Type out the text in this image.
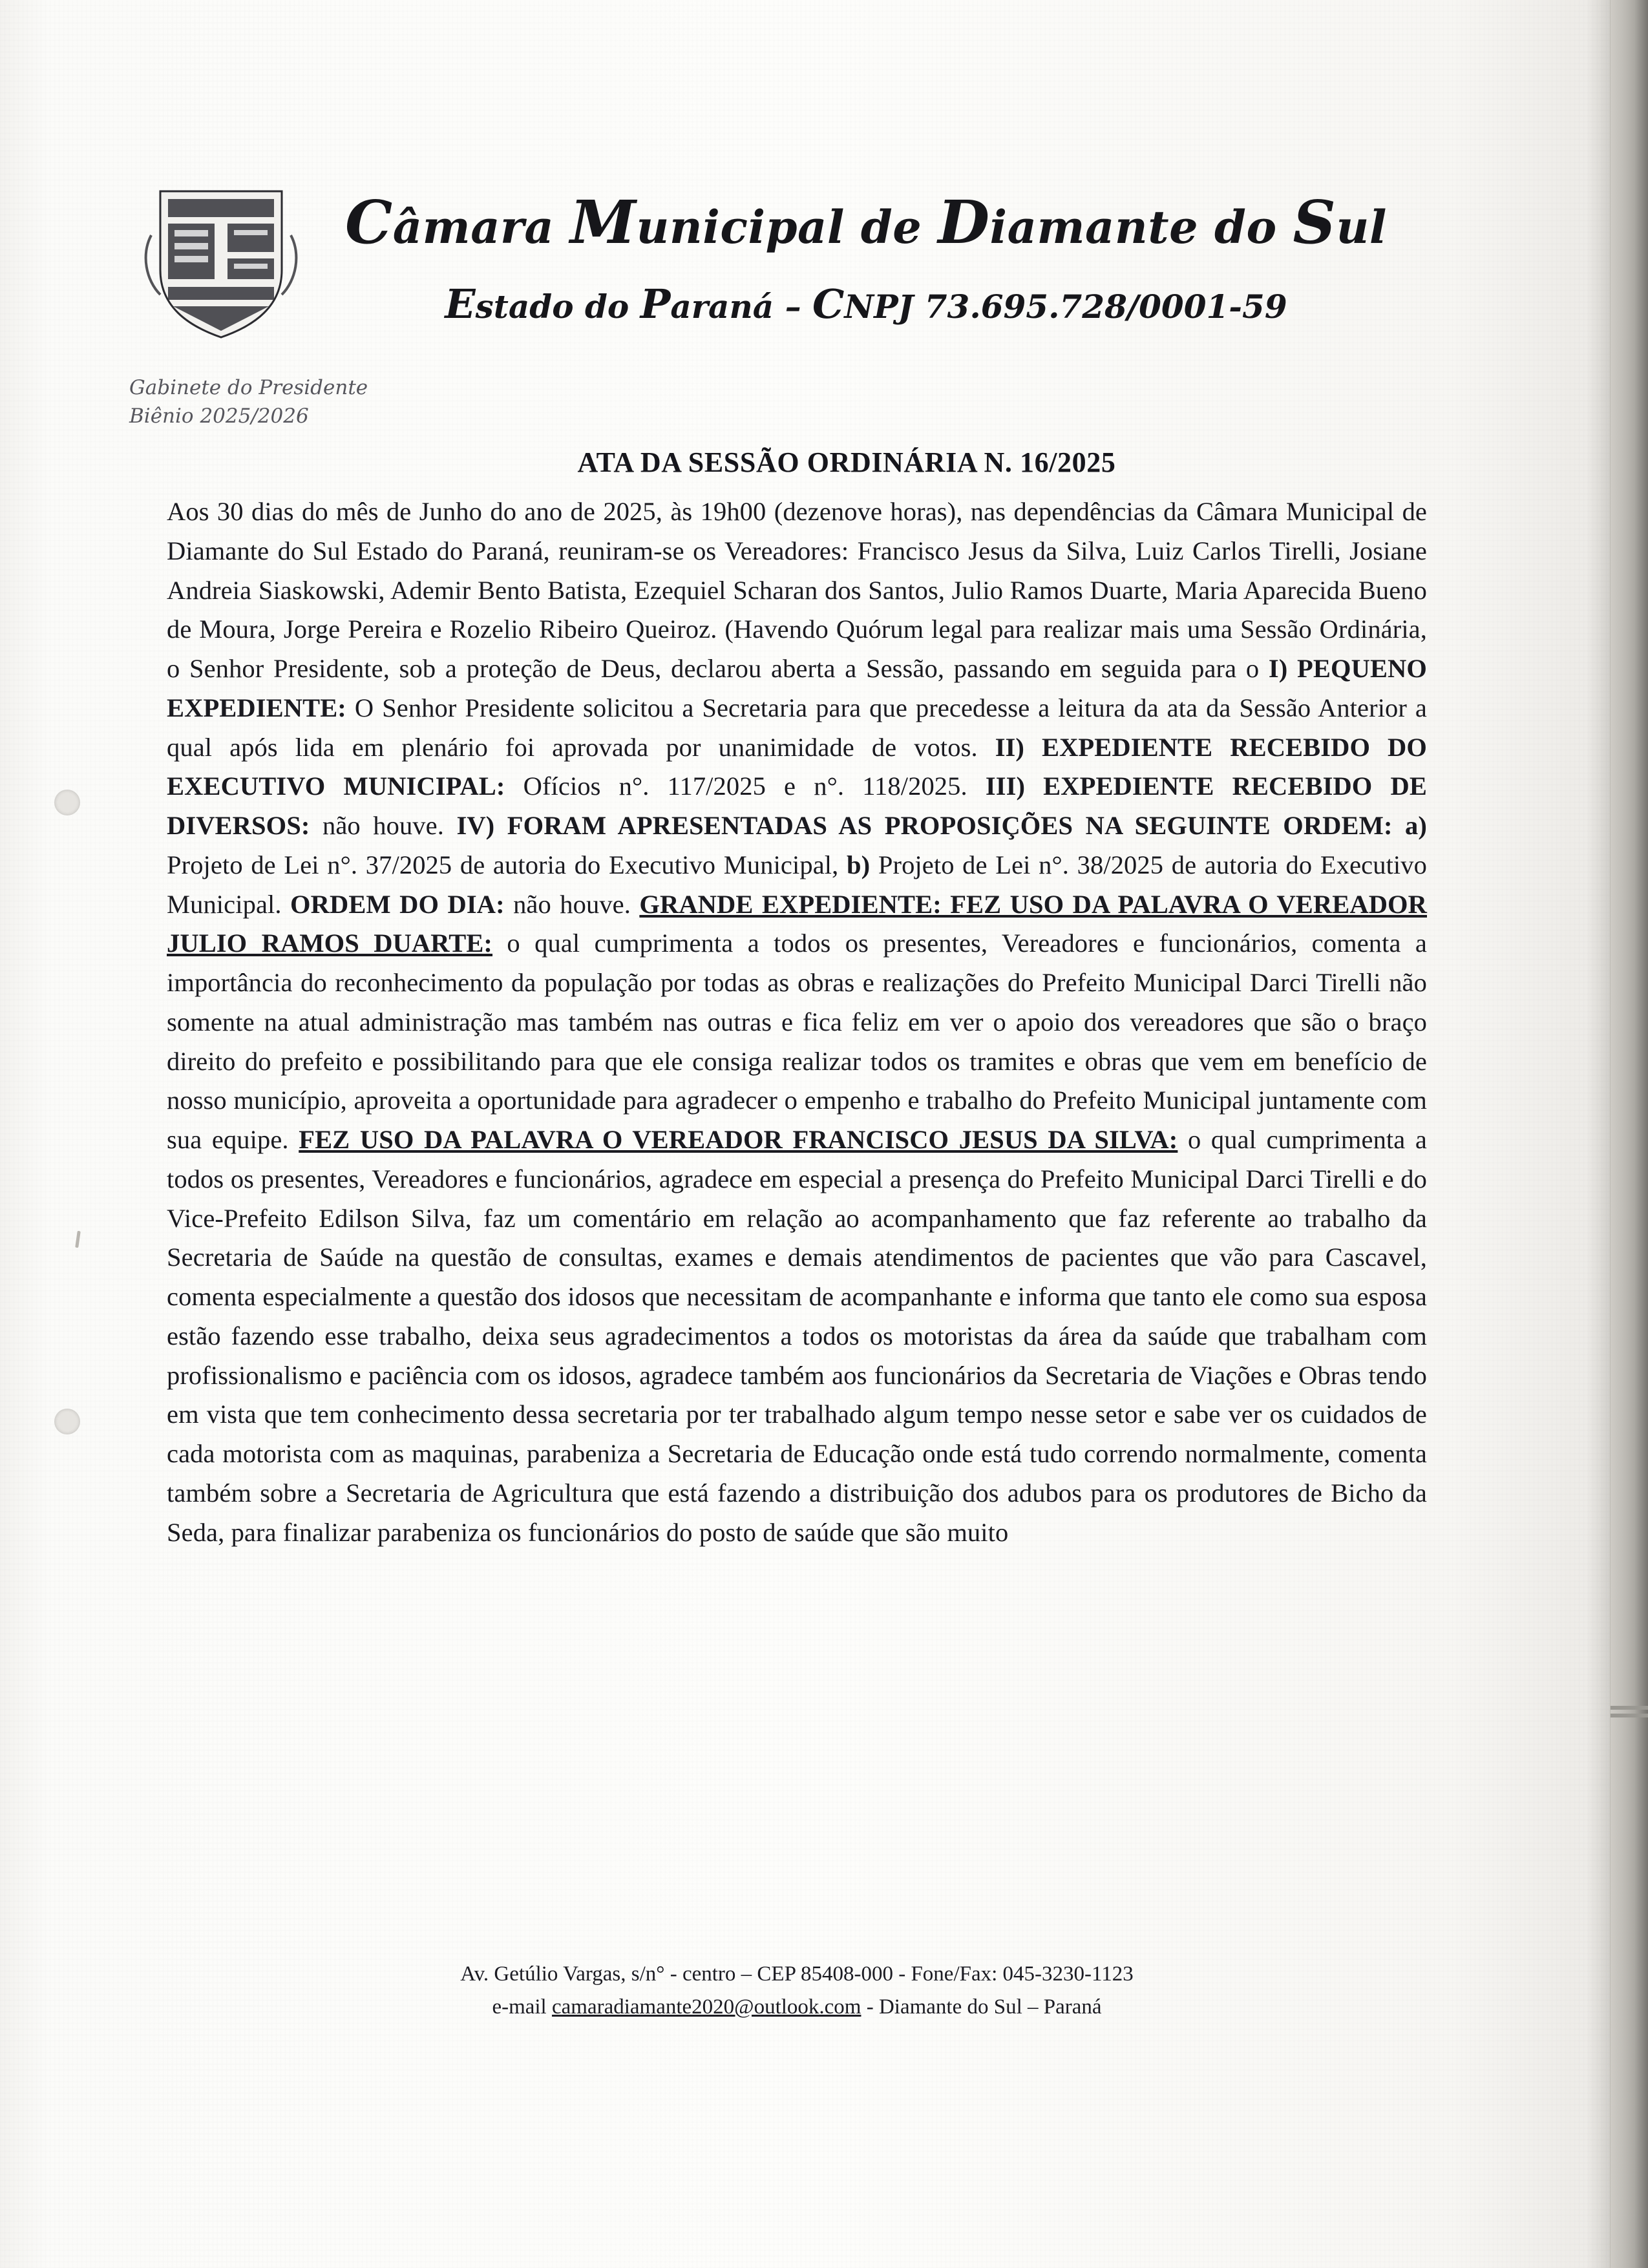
Câmara Municipal de Diamante do Sul
Estado do Paraná – CNPJ 73.695.728/0001-59
Gabinete do Presidente
Biênio 2025/2026
ATA DA SESSÃO ORDINÁRIA N. 16/2025
Aos 30 dias do mês de Junho do ano de 2025, às 19h00 (dezenove horas), nas dependências da Câmara Municipal de Diamante do Sul Estado do Paraná, reuniram-se os Vereadores: Francisco Jesus da Silva, Luiz Carlos Tirelli, Josiane Andreia Siaskowski, Ademir Bento Batista, Ezequiel Scharan dos Santos, Julio Ramos Duarte, Maria Aparecida Bueno de Moura, Jorge Pereira e Rozelio Ribeiro Queiroz. (Havendo Quórum legal para realizar mais uma Sessão Ordinária, o Senhor Presidente, sob a proteção de Deus, declarou aberta a Sessão, passando em seguida para o I) PEQUENO EXPEDIENTE: O Senhor Presidente solicitou a Secretaria para que precedesse a leitura da ata da Sessão Anterior a qual após lida em plenário foi aprovada por unanimidade de votos. II) EXPEDIENTE RECEBIDO DO EXECUTIVO MUNICIPAL: Ofícios n°. 117/2025 e n°. 118/2025. III) EXPEDIENTE RECEBIDO DE DIVERSOS: não houve. IV) FORAM APRESENTADAS AS PROPOSIÇÕES NA SEGUINTE ORDEM: a) Projeto de Lei n°. 37/2025 de autoria do Executivo Municipal, b) Projeto de Lei n°. 38/2025 de autoria do Executivo Municipal. ORDEM DO DIA: não houve. GRANDE EXPEDIENTE: FEZ USO DA PALAVRA O VEREADOR JULIO RAMOS DUARTE: o qual cumprimenta a todos os presentes, Vereadores e funcionários, comenta a importância do reconhecimento da população por todas as obras e realizações do Prefeito Municipal Darci Tirelli não somente na atual administração mas também nas outras e fica feliz em ver o apoio dos vereadores que são o braço direito do prefeito e possibilitando para que ele consiga realizar todos os tramites e obras que vem em benefício de nosso município, aproveita a oportunidade para agradecer o empenho e trabalho do Prefeito Municipal juntamente com sua equipe. FEZ USO DA PALAVRA O VEREADOR FRANCISCO JESUS DA SILVA: o qual cumprimenta a todos os presentes, Vereadores e funcionários, agradece em especial a presença do Prefeito Municipal Darci Tirelli e do Vice-Prefeito Edilson Silva, faz um comentário em relação ao acompanhamento que faz referente ao trabalho da Secretaria de Saúde na questão de consultas, exames e demais atendimentos de pacientes que vão para Cascavel, comenta especialmente a questão dos idosos que necessitam de acompanhante e informa que tanto ele como sua esposa estão fazendo esse trabalho, deixa seus agradecimentos a todos os motoristas da área da saúde que trabalham com profissionalismo e paciência com os idosos, agradece também aos funcionários da Secretaria de Viações e Obras tendo em vista que tem conhecimento dessa secretaria por ter trabalhado algum tempo nesse setor e sabe ver os cuidados de cada motorista com as maquinas, parabeniza a Secretaria de Educação onde está tudo correndo normalmente, comenta também sobre a Secretaria de Agricultura que está fazendo a distribuição dos adubos para os produtores de Bicho da Seda, para finalizar parabeniza os funcionários do posto de saúde que são muito
Av. Getúlio Vargas, s/n° - centro – CEP 85408-000 - Fone/Fax: 045-3230-1123
e-mail camaradiamante2020@outlook.com - Diamante do Sul – Paraná
